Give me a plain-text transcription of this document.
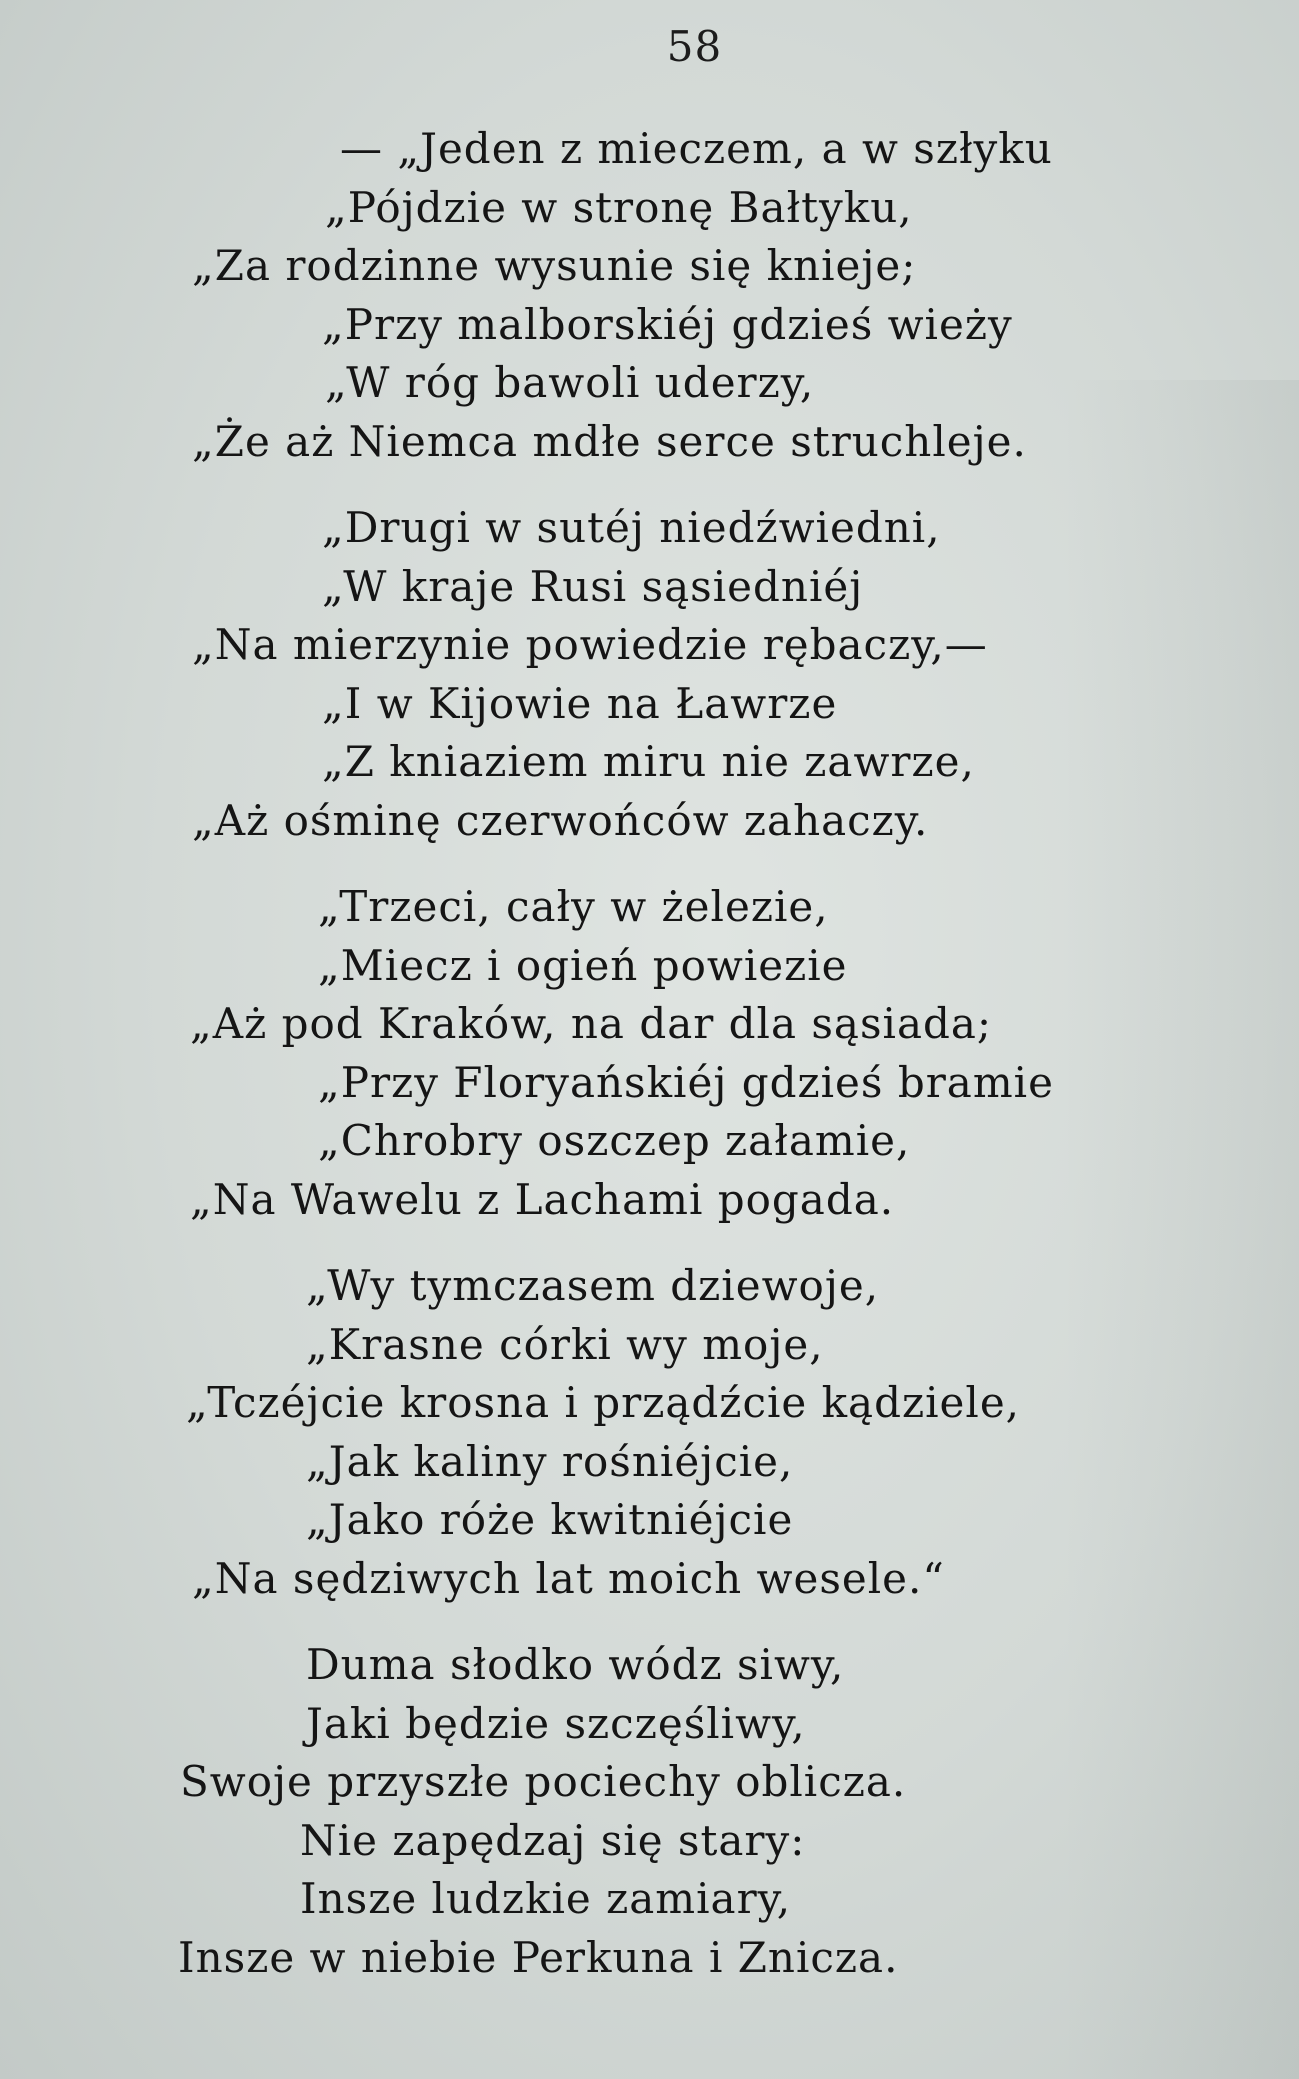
58
— „Jeden z mieczem, a w szłyku
„Pójdzie w stronę Bałtyku,
„Za rodzinne wysunie się knieje;
„Przy malborskiéj gdzieś wieży
„W róg bawoli uderzy,
„Że aż Niemca mdłe serce struchleje.
„Drugi w sutéj niedźwiedni,
„W kraje Rusi sąsiedniéj
„Na mierzynie powiedzie rębaczy,—
„I w Kijowie na Ławrze
„Z kniaziem miru nie zawrze,
„Aż ośminę czerwońców zahaczy.
„Trzeci, cały w żelezie,
„Miecz i ogień powiezie
„Aż pod Kraków, na dar dla sąsiada;
„Przy Floryańskiéj gdzieś bramie
„Chrobry oszczep załamie,
„Na Wawelu z Lachami pogada.
„Wy tymczasem dziewoje,
„Krasne córki wy moje,
„Tczéjcie krosna i prządźcie kądziele,
„Jak kaliny rośniéjcie,
„Jako róże kwitniéjcie
„Na sędziwych lat moich wesele.“
Duma słodko wódz siwy,
Jaki będzie szczęśliwy,
Swoje przyszłe pociechy oblicza.
Nie zapędzaj się stary:
Insze ludzkie zamiary,
Insze w niebie Perkuna i Znicza.
